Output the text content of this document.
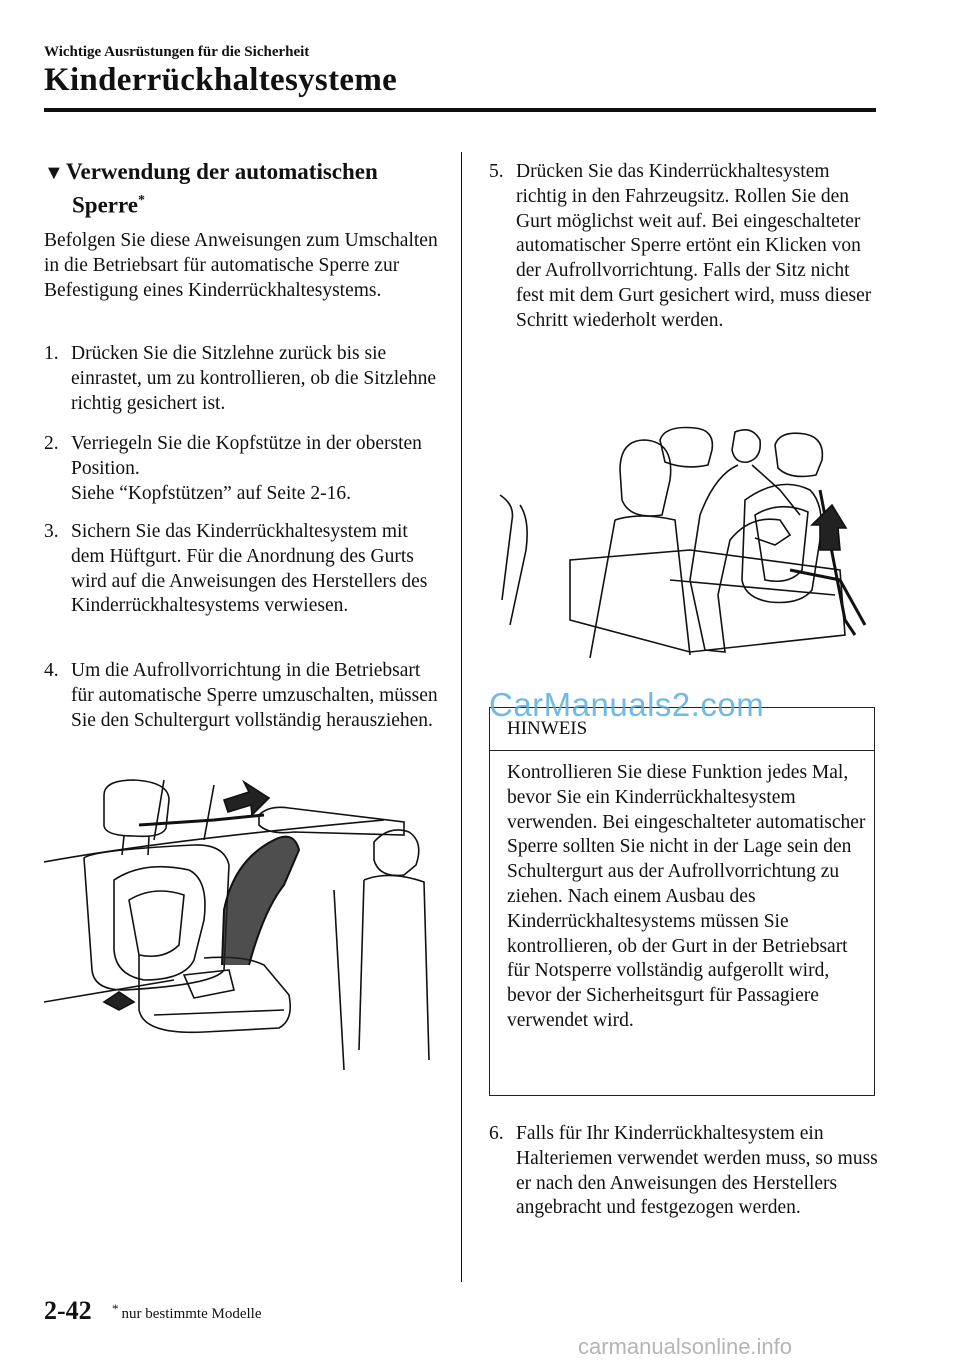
Wichtige Ausrüstungen für die Sicherheit
Kinderrückhaltesysteme
▼Verwendung der automatischen
Sperre*
Befolgen Sie diese Anweisungen zum Umschalten in die Betriebsart für automatische Sperre zur Befestigung eines Kinderrückhaltesystems.
1. Drücken Sie die Sitzlehne zurück bis sie einrastet, um zu kontrollieren, ob die Sitzlehne richtig gesichert ist.
2. Verriegeln Sie die Kopfstütze in der obersten Position.
Siehe “Kopfstützen” auf Seite 2-16.
3. Sichern Sie das Kinderrückhaltesystem mit dem Hüftgurt. Für die Anordnung des Gurts wird auf die Anweisungen des Herstellers des Kinderrückhaltesystems verwiesen.
4. Um die Aufrollvorrichtung in die Betriebsart für automatische Sperre umzuschalten, müssen Sie den Schultergurt vollständig herausziehen.
5. Drücken Sie das Kinderrückhaltesystem richtig in den Fahrzeugsitz. Rollen Sie den Gurt möglichst weit auf. Bei eingeschalteter automatischer Sperre ertönt ein Klicken von der Aufrollvorrichtung. Falls der Sitz nicht fest mit dem Gurt gesichert wird, muss dieser Schritt wiederholt werden.
HINWEIS
Kontrollieren Sie diese Funktion jedes Mal, bevor Sie ein Kinderrückhaltesystem verwenden. Bei eingeschalteter automatischer Sperre sollten Sie nicht in der Lage sein den Schultergurt aus der Aufrollvorrichtung zu ziehen. Nach einem Ausbau des Kinderrückhaltesystems müssen Sie kontrollieren, ob der Gurt in der Betriebsart für Notsperre vollständig aufgerollt wird, bevor der Sicherheitsgurt für Passagiere verwendet wird.
CarManuals2.com
6. Falls für Ihr Kinderrückhaltesystem ein Halteriemen verwendet werden muss, so muss er nach den Anweisungen des Herstellers angebracht und festgezogen werden.
2-42 * nur bestimmte Modelle
carmanualsonline.info
